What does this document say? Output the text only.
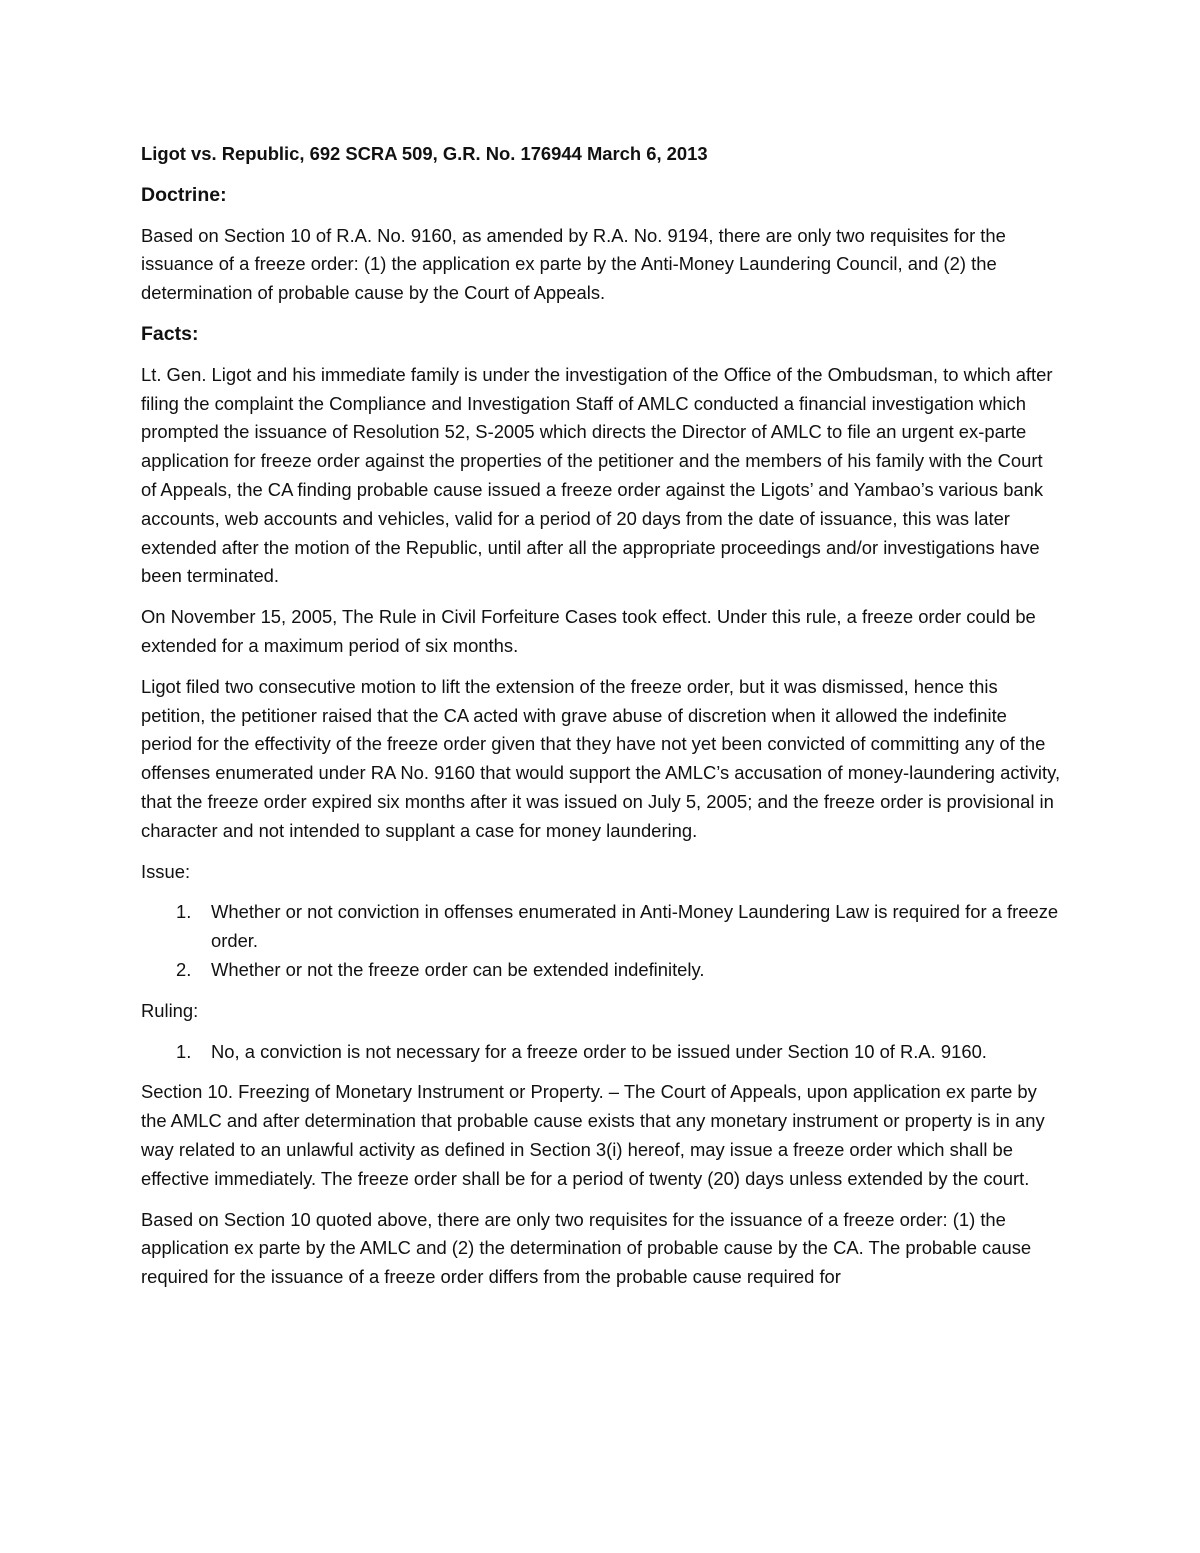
Ligot vs. Republic, 692 SCRA 509, G.R. No. 176944 March 6, 2013
Doctrine:

Based on Section 10 of R.A. No. 9160, as amended by R.A. No. 9194, there are only two requisites for the issuance of a freeze order: (1) the application ex parte by the Anti-Money Laundering Council, and (2) the determination of probable cause by the Court of Appeals.

Facts:

Lt. Gen. Ligot and his immediate family is under the investigation of the Office of the Ombudsman, to which after filing the complaint the Compliance and Investigation Staff of AMLC conducted a financial investigation which prompted the issuance of Resolution 52, S-2005 which directs the Director of AMLC to file an urgent ex-parte application for freeze order against the properties of the petitioner and the members of his family with the Court of Appeals, the CA finding probable cause issued a freeze order against the Ligots’ and Yambao’s various bank accounts, web accounts and vehicles, valid for a period of 20 days from the date of issuance, this was later extended after the motion of the Republic, until after all the appropriate proceedings and/or investigations have been terminated.

On November 15, 2005, The Rule in Civil Forfeiture Cases took effect. Under this rule, a freeze order could be extended for a maximum period of six months.

Ligot filed two consecutive motion to lift the extension of the freeze order, but it was dismissed, hence this petition, the petitioner raised that the CA acted with grave abuse of discretion when it allowed the indefinite period for the effectivity of the freeze order given that they have not yet been convicted of committing any of the offenses enumerated under RA No. 9160 that would support the AMLC’s accusation of money-laundering activity, that the freeze order expired six months after it was issued on July 5, 2005; and the freeze order is provisional in character and not intended to supplant a case for money laundering.

Issue:
1. Whether or not conviction in offenses enumerated in Anti-Money Laundering Law is required for a freeze order.
2. Whether or not the freeze order can be extended indefinitely.
Ruling:
1. No, a conviction is not necessary for a freeze order to be issued under Section 10 of R.A. 9160.

Section 10. Freezing of Monetary Instrument or Property. – The Court of Appeals, upon application ex parte by the AMLC and after determination that probable cause exists that any monetary instrument or property is in any way related to an unlawful activity as defined in Section 3(i) hereof, may issue a freeze order which shall be effective immediately. The freeze order shall be for a period of twenty (20) days unless extended by the court.

Based on Section 10 quoted above, there are only two requisites for the issuance of a freeze order: (1) the application ex parte by the AMLC and (2) the determination of probable cause by the CA. The probable cause required for the issuance of a freeze order differs from the probable cause required for
